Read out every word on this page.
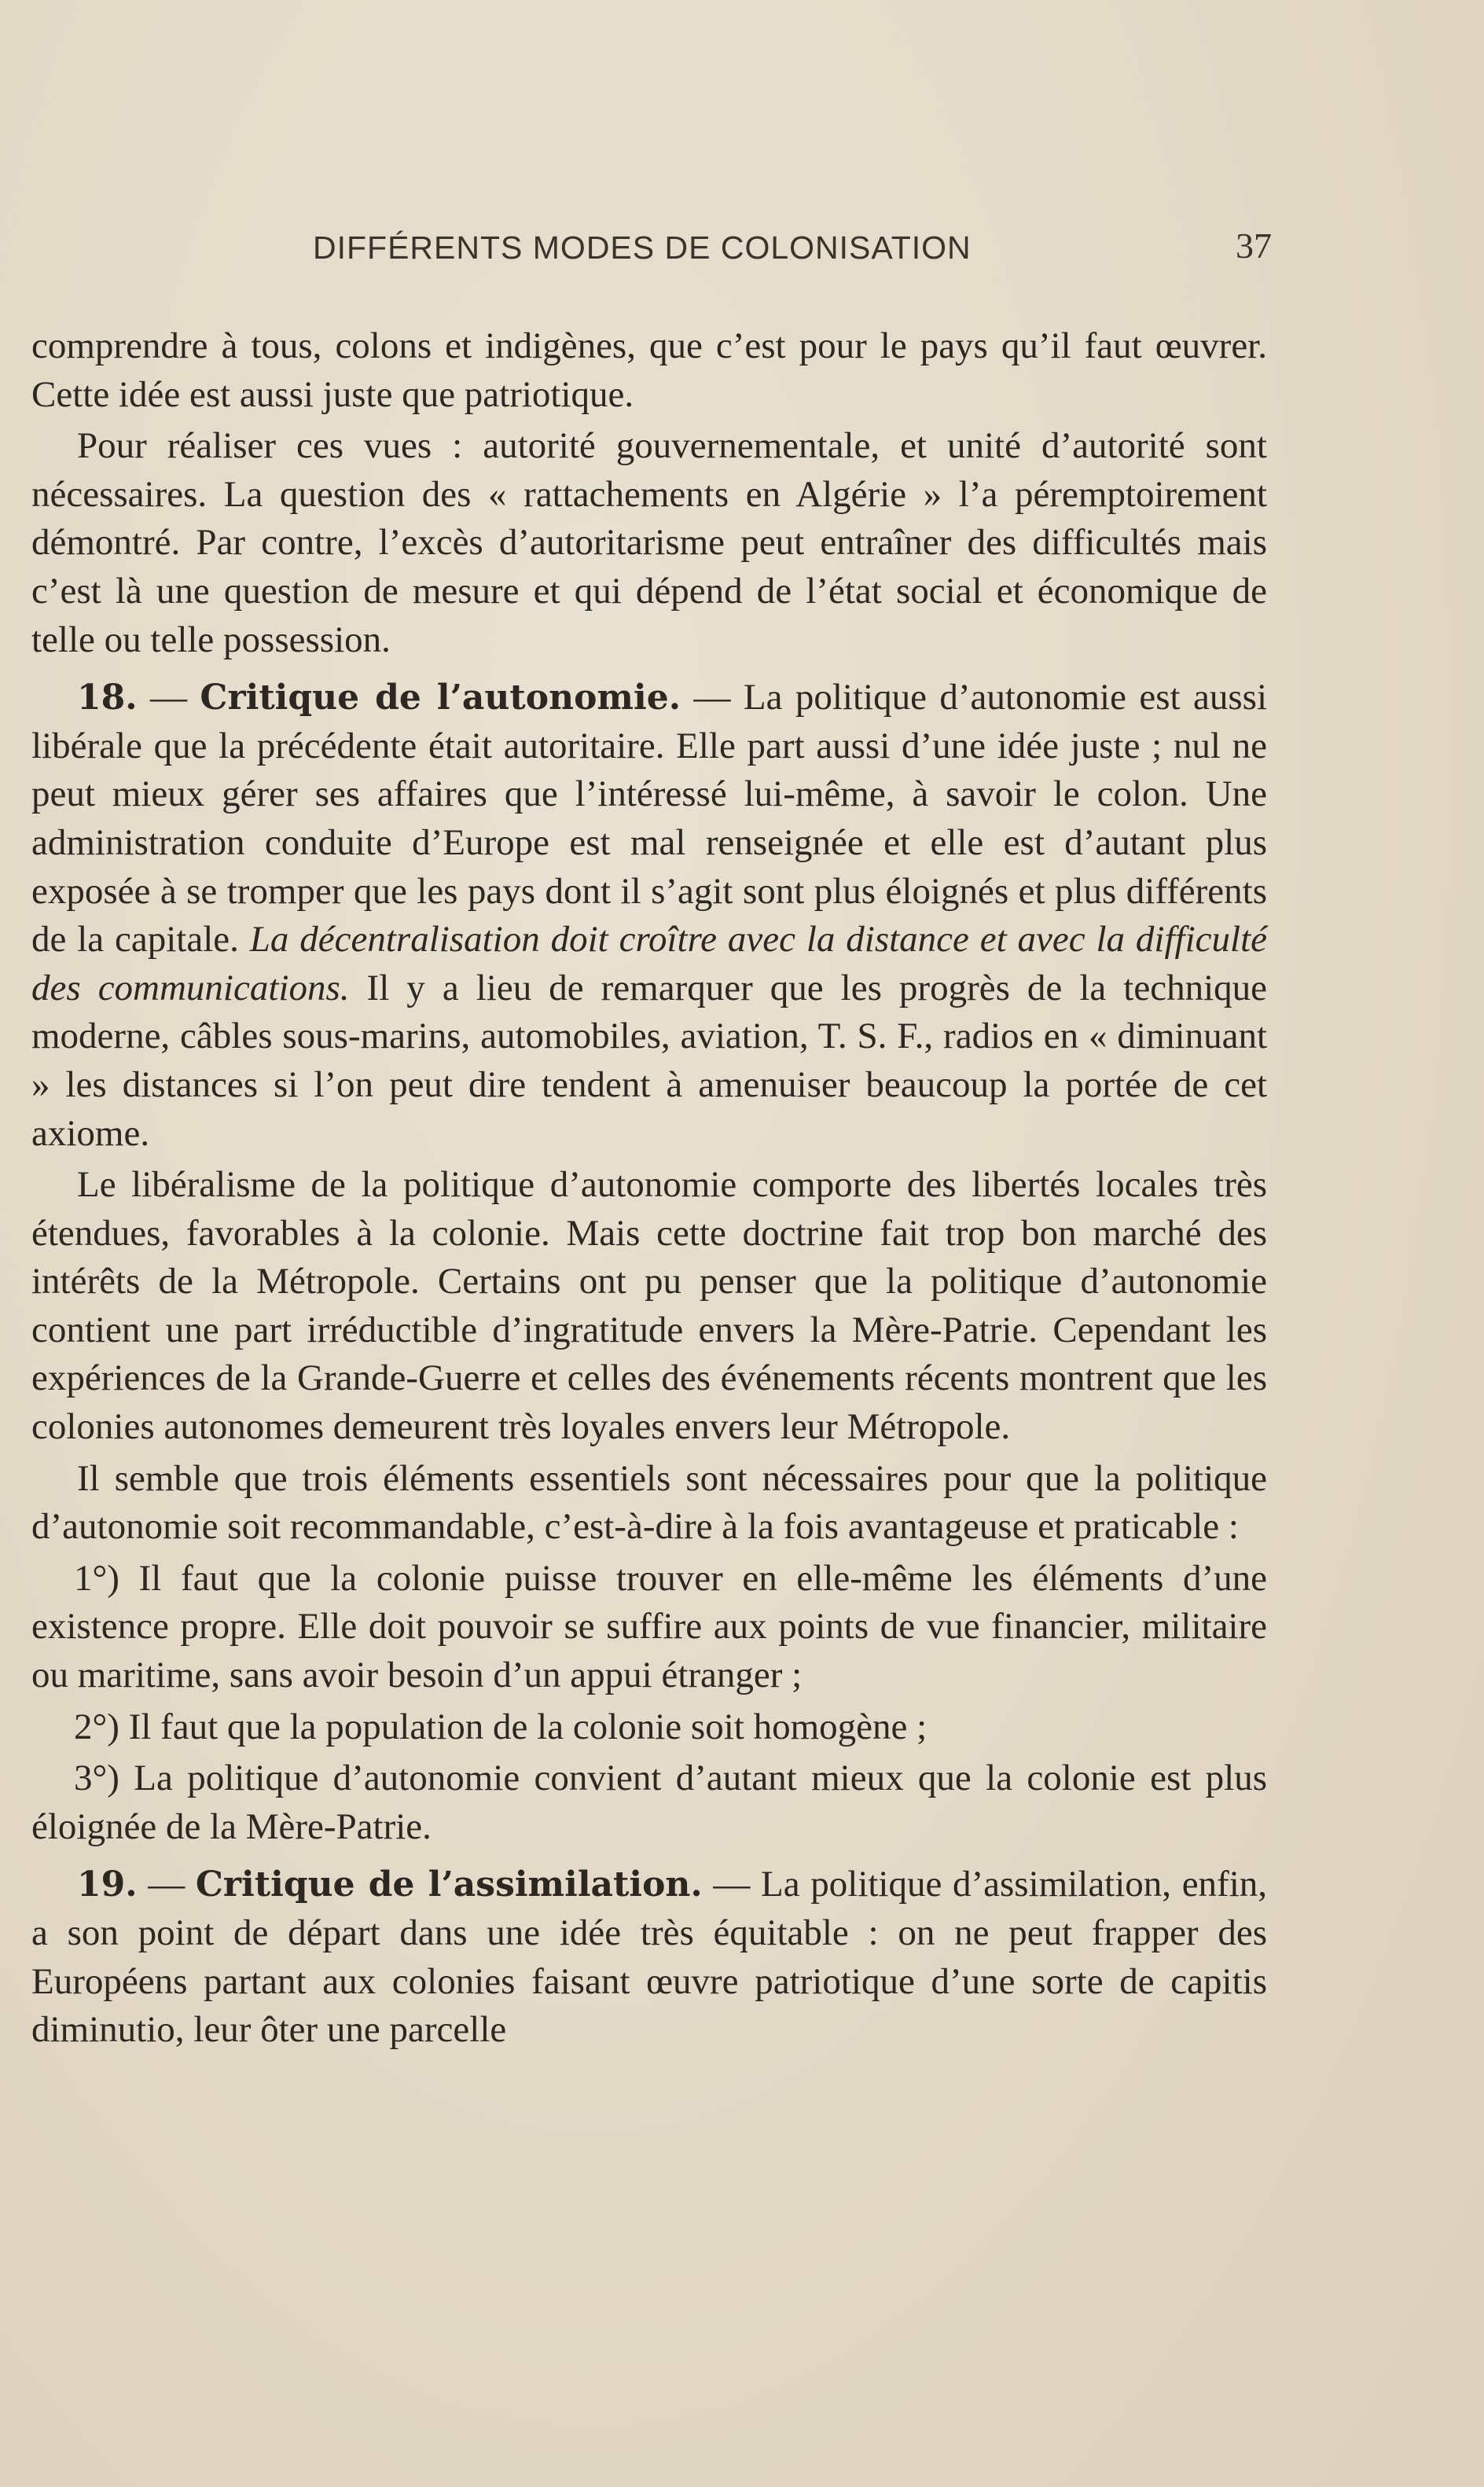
DIFFÉRENTS MODES DE COLONISATION	37

comprendre à tous, colons et indigènes, que c’est pour le pays qu’il faut œuvrer. Cette idée est aussi juste que patriotique.

Pour réaliser ces vues : autorité gouvernementale, et unité d’autorité sont nécessaires. La question des « rattachements en Algérie » l’a péremptoirement démontré. Par contre, l’excès d’autoritarisme peut entraîner des difficultés mais c’est là une question de mesure et qui dépend de l’état social et économique de telle ou telle possession.

18. — Critique de l’autonomie. — La politique d’autonomie est aussi libérale que la précédente était autoritaire. Elle part aussi d’une idée juste ; nul ne peut mieux gérer ses affaires que l’intéressé lui-même, à savoir le colon. Une administration conduite d’Europe est mal renseignée et elle est d’autant plus exposée à se tromper que les pays dont il s’agit sont plus éloignés et plus différents de la capitale. La décentralisation doit croître avec la distance et avec la difficulté des communications. Il y a lieu de remarquer que les progrès de la technique moderne, câbles sous-marins, automobiles, aviation, T. S. F., radios en « diminuant » les distances si l’on peut dire tendent à amenuiser beaucoup la portée de cet axiome.

Le libéralisme de la politique d’autonomie comporte des libertés locales très étendues, favorables à la colonie. Mais cette doctrine fait trop bon marché des intérêts de la Métropole. Certains ont pu penser que la politique d’autonomie contient une part irréductible d’ingratitude envers la Mère-Patrie. Cependant les expériences de la Grande-Guerre et celles des événements récents montrent que les colonies autonomes demeurent très loyales envers leur Métropole.

Il semble que trois éléments essentiels sont nécessaires pour que la politique d’autonomie soit recommandable, c’est-à-dire à la fois avantageuse et praticable :

1°) Il faut que la colonie puisse trouver en elle-même les éléments d’une existence propre. Elle doit pouvoir se suffire aux points de vue financier, militaire ou maritime, sans avoir besoin d’un appui étranger ;

2°) Il faut que la population de la colonie soit homogène ;

3°) La politique d’autonomie convient d’autant mieux que la colonie est plus éloignée de la Mère-Patrie.

19. — Critique de l’assimilation. — La politique d’assimilation, enfin, a son point de départ dans une idée très équitable : on ne peut frapper des Européens partant aux colonies faisant œuvre patriotique d’une sorte de capitis diminutio, leur ôter une parcelle
